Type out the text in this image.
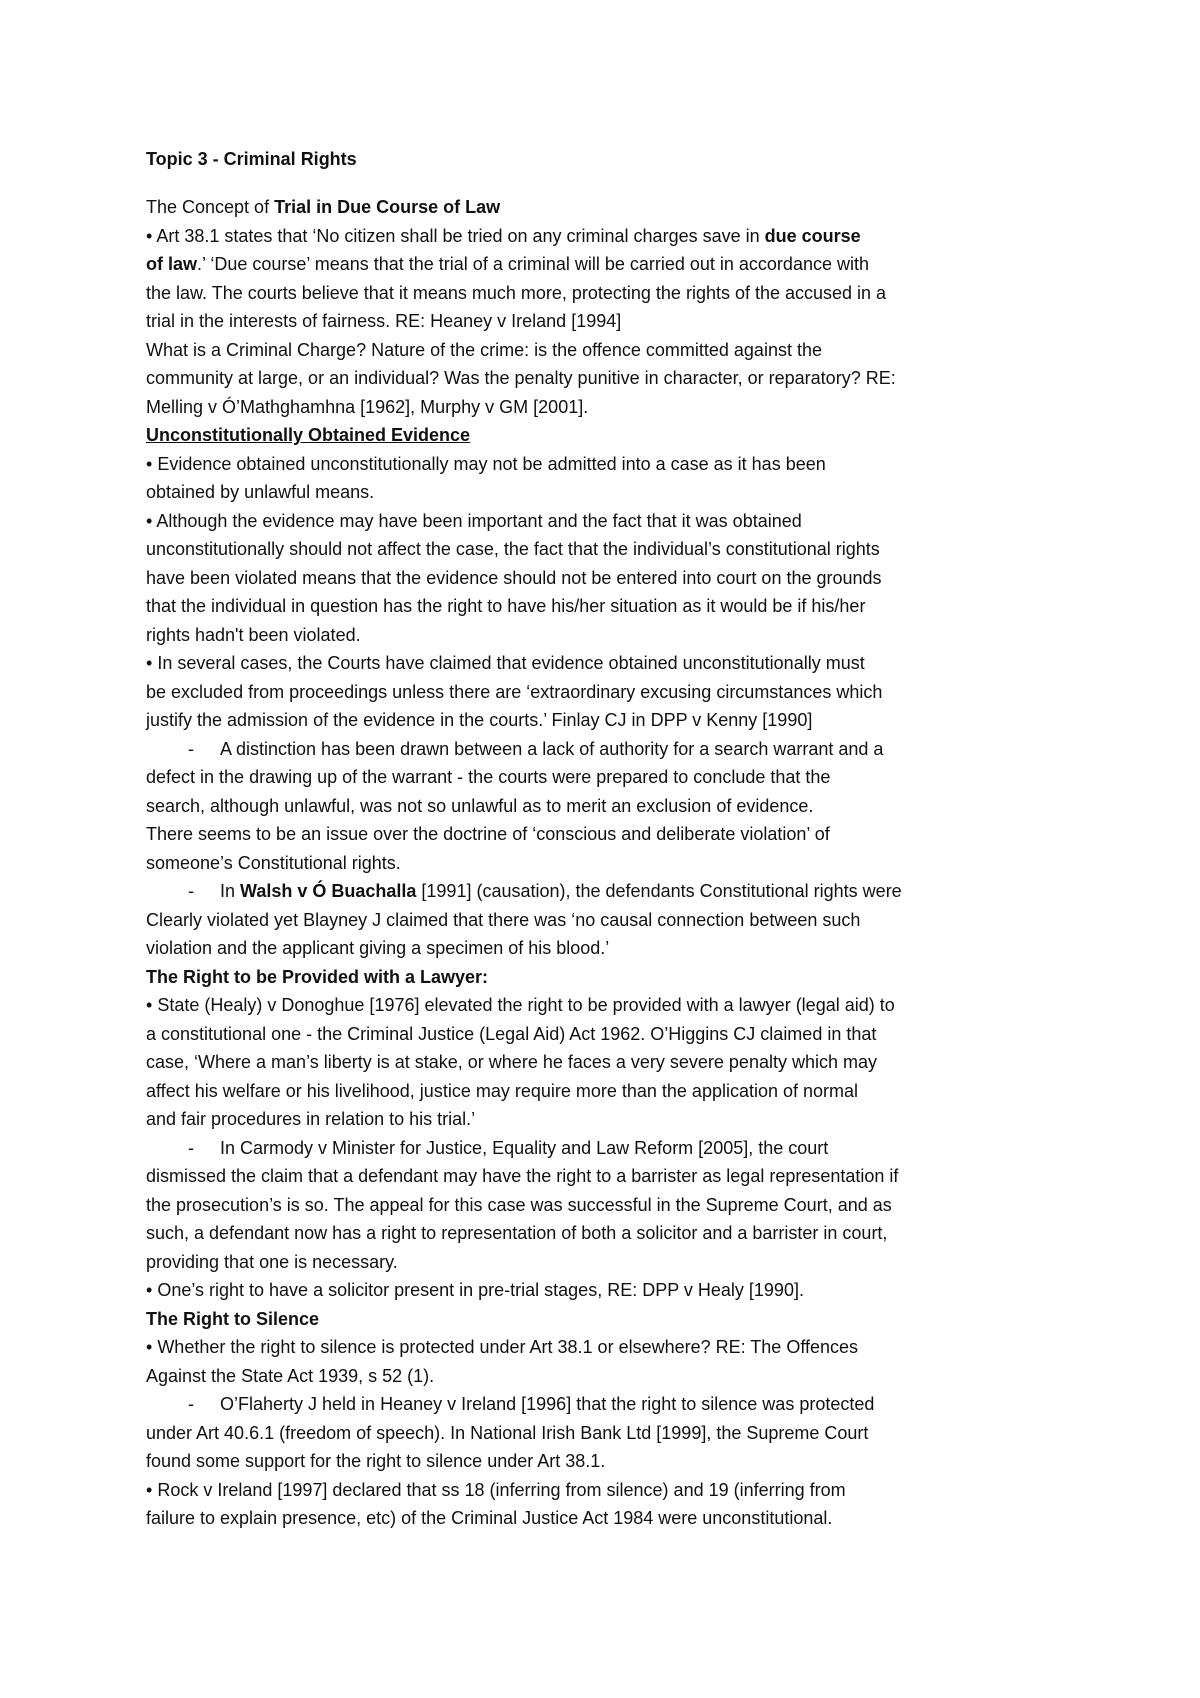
Topic 3 - Criminal Rights
The Concept of Trial in Due Course of Law
• Art 38.1 states that ‘No citizen shall be tried on any criminal charges save in due course
of law.’ ‘Due course’ means that the trial of a criminal will be carried out in accordance with
the law. The courts believe that it means much more, protecting the rights of the accused in a
trial in the interests of fairness. RE: Heaney v Ireland [1994]
What is a Criminal Charge? Nature of the crime: is the offence committed against the
community at large, or an individual? Was the penalty punitive in character, or reparatory? RE:
Melling v Ó’Mathghamhna [1962], Murphy v GM [2001].
Unconstitutionally Obtained Evidence
• Evidence obtained unconstitutionally may not be admitted into a case as it has been
obtained by unlawful means.
• Although the evidence may have been important and the fact that it was obtained
unconstitutionally should not affect the case, the fact that the individual’s constitutional rights
have been violated means that the evidence should not be entered into court on the grounds
that the individual in question has the right to have his/her situation as it would be if his/her
rights hadn't been violated.
• In several cases, the Courts have claimed that evidence obtained unconstitutionally must
be excluded from proceedings unless there are ‘extraordinary excusing circumstances which
justify the admission of the evidence in the courts.’ Finlay CJ in DPP v Kenny [1990]
- A distinction has been drawn between a lack of authority for a search warrant and a
defect in the drawing up of the warrant - the courts were prepared to conclude that the
search, although unlawful, was not so unlawful as to merit an exclusion of evidence.
There seems to be an issue over the doctrine of ‘conscious and deliberate violation’ of
someone’s Constitutional rights.
- In Walsh v Ó Buachalla [1991] (causation), the defendants Constitutional rights were
Clearly violated yet Blayney J claimed that there was ‘no causal connection between such
violation and the applicant giving a specimen of his blood.’
The Right to be Provided with a Lawyer:
• State (Healy) v Donoghue [1976] elevated the right to be provided with a lawyer (legal aid) to
a constitutional one - the Criminal Justice (Legal Aid) Act 1962. O’Higgins CJ claimed in that
case, ‘Where a man’s liberty is at stake, or where he faces a very severe penalty which may
affect his welfare or his livelihood, justice may require more than the application of normal
and fair procedures in relation to his trial.’
- In Carmody v Minister for Justice, Equality and Law Reform [2005], the court
dismissed the claim that a defendant may have the right to a barrister as legal representation if
the prosecution’s is so. The appeal for this case was successful in the Supreme Court, and as
such, a defendant now has a right to representation of both a solicitor and a barrister in court,
providing that one is necessary.
• One’s right to have a solicitor present in pre-trial stages, RE: DPP v Healy [1990].
The Right to Silence
• Whether the right to silence is protected under Art 38.1 or elsewhere? RE: The Offences
Against the State Act 1939, s 52 (1).
- O’Flaherty J held in Heaney v Ireland [1996] that the right to silence was protected
under Art 40.6.1 (freedom of speech). In National Irish Bank Ltd [1999], the Supreme Court
found some support for the right to silence under Art 38.1.
• Rock v Ireland [1997] declared that ss 18 (inferring from silence) and 19 (inferring from
failure to explain presence, etc) of the Criminal Justice Act 1984 were unconstitutional.
